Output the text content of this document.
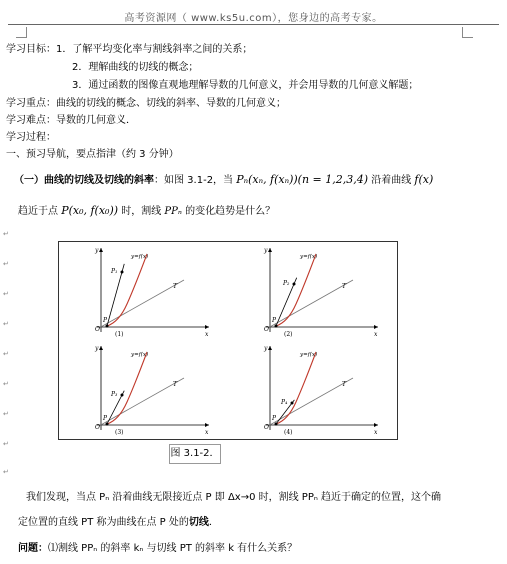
高考资源网（ www.ks5u.com），您身边的高考专家。
学习目标：1．了解平均变化率与割线斜率之间的关系；
2．理解曲线的切线的概念；
3．通过函数的图像直观地理解导数的几何意义，并会用导数的几何意义解题；
学习重点：曲线的切线的概念、切线的斜率、导数的几何意义；
学习难点：导数的几何意义．
学习过程：
一、预习导航，要点指津（约 3 分钟）
（一）曲线的切线及切线的斜率：如图 3.1-2，当 Pₙ(xₙ, f(xₙ))(n = 1,2,3,4) 沿着曲线 f(x)
趋近于点 P(x₀, f(x₀)) 时，割线 PPₙ 的变化趋势是什么？
↵
↵
↵
↵
↵
↵
↵
↵
↵
y=f(x)
P₁
P
T
O
x
y
(1)
y=f(x)
P₂
P
T
O
x
y
(2)
y=f(x)
P₃
P
T
O
x
y
(3)
y=f(x)
P₄
P
T
O
x
y
(4)
图 3.1-2．
我们发现，当点 Pₙ 沿着曲线无限接近点 P 即 Δx→0 时，割线 PPₙ 趋近于确定的位置，这个确
定位置的直线 PT 称为曲线在点 P 处的切线．
问题：⑴割线 PPₙ 的斜率 kₙ 与切线 PT 的斜率 k 有什么关系？
